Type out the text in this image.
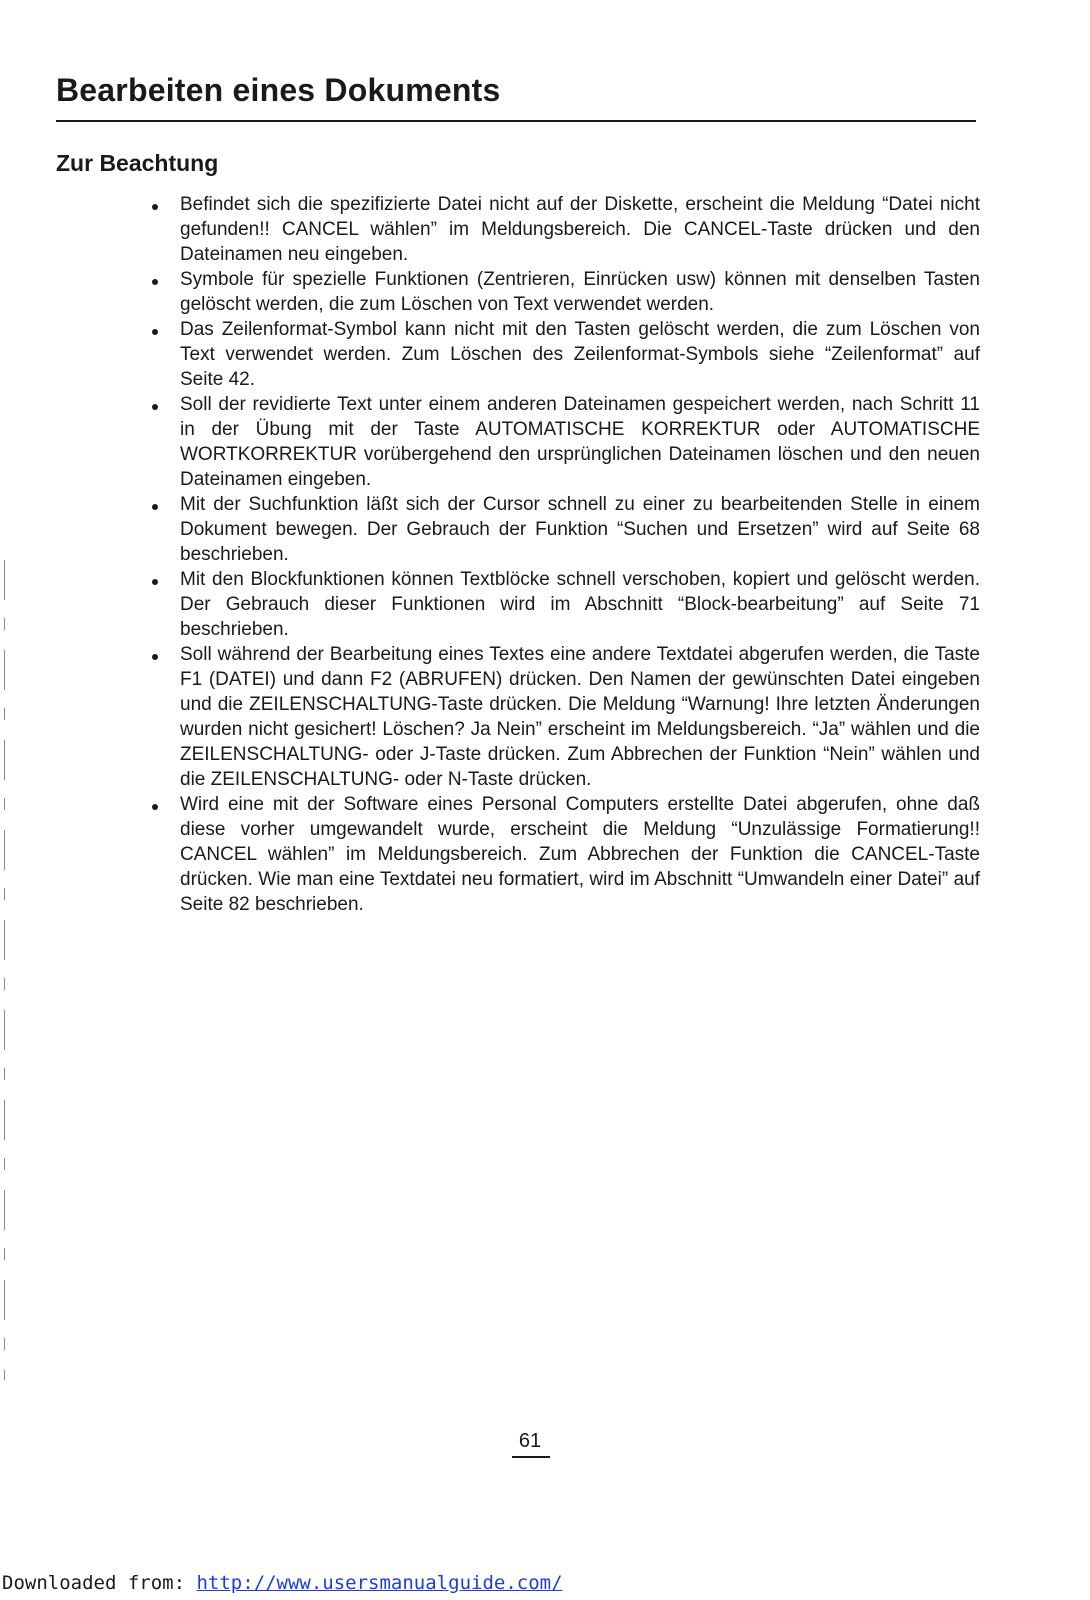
Bearbeiten eines Dokuments
Zur Beachtung
Befindet sich die spezifizierte Datei nicht auf der Diskette, erscheint die Meldung “Datei nicht gefunden!! CANCEL wählen” im Meldungsbereich. Die CANCEL-Taste drücken und den Dateinamen neu eingeben.
Symbole für spezielle Funktionen (Zentrieren, Einrücken usw) können mit denselben Tasten gelöscht werden, die zum Löschen von Text verwendet werden.
Das Zeilenformat-Symbol kann nicht mit den Tasten gelöscht werden, die zum Löschen von Text verwendet werden. Zum Löschen des Zeilenformat-Symbols siehe “Zeilenformat” auf Seite 42.
Soll der revidierte Text unter einem anderen Dateinamen gespeichert werden, nach Schritt 11 in der Übung mit der Taste AUTOMATISCHE KORREKTUR oder AUTOMATISCHE WORTKORREKTUR vorübergehend den ursprünglichen Dateinamen löschen und den neuen Dateinamen eingeben.
Mit der Suchfunktion läßt sich der Cursor schnell zu einer zu bearbeitenden Stelle in einem Dokument bewegen. Der Gebrauch der Funktion “Suchen und Ersetzen” wird auf Seite 68 beschrieben.
Mit den Blockfunktionen können Textblöcke schnell verschoben, kopiert und gelöscht werden. Der Gebrauch dieser Funktionen wird im Abschnitt “Block-bearbeitung” auf Seite 71 beschrieben.
Soll während der Bearbeitung eines Textes eine andere Textdatei abgerufen werden, die Taste F1 (DATEI) und dann F2 (ABRUFEN) drücken. Den Namen der gewünschten Datei eingeben und die ZEILENSCHALTUNG-Taste drücken. Die Meldung “Warnung! Ihre letzten Änderungen wurden nicht gesichert! Löschen? Ja Nein” erscheint im Meldungsbereich. “Ja” wählen und die ZEILENSCHALTUNG- oder J-Taste drücken. Zum Abbrechen der Funktion “Nein” wählen und die ZEILENSCHALTUNG- oder N-Taste drücken.
Wird eine mit der Software eines Personal Computers erstellte Datei abgerufen, ohne daß diese vorher umgewandelt wurde, erscheint die Meldung “Unzulässige Formatierung!! CANCEL wählen” im Meldungsbereich. Zum Abbrechen der Funktion die CANCEL-Taste drücken. Wie man eine Textdatei neu formatiert, wird im Abschnitt “Umwandeln einer Datei” auf Seite 82 beschrieben.
61
Downloaded from: http://www.usersmanualguide.com/
